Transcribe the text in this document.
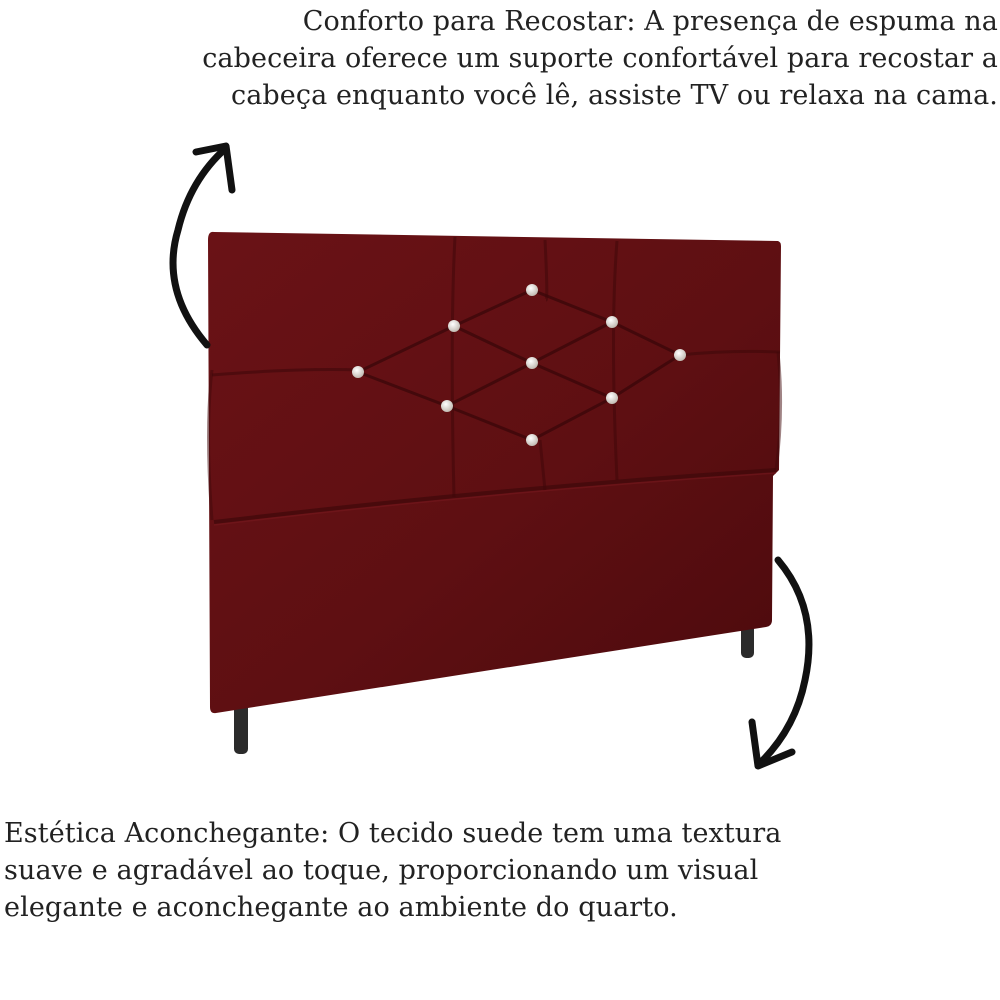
Conforto para Recostar: A presença de espuma na cabeceira oferece um suporte confortável para recostar a cabeça enquanto você lê, assiste TV ou relaxa na cama.

Estética Aconchegante: O tecido suede tem uma textura suave e agradável ao toque, proporcionando um visual elegante e aconchegante ao ambiente do quarto.
